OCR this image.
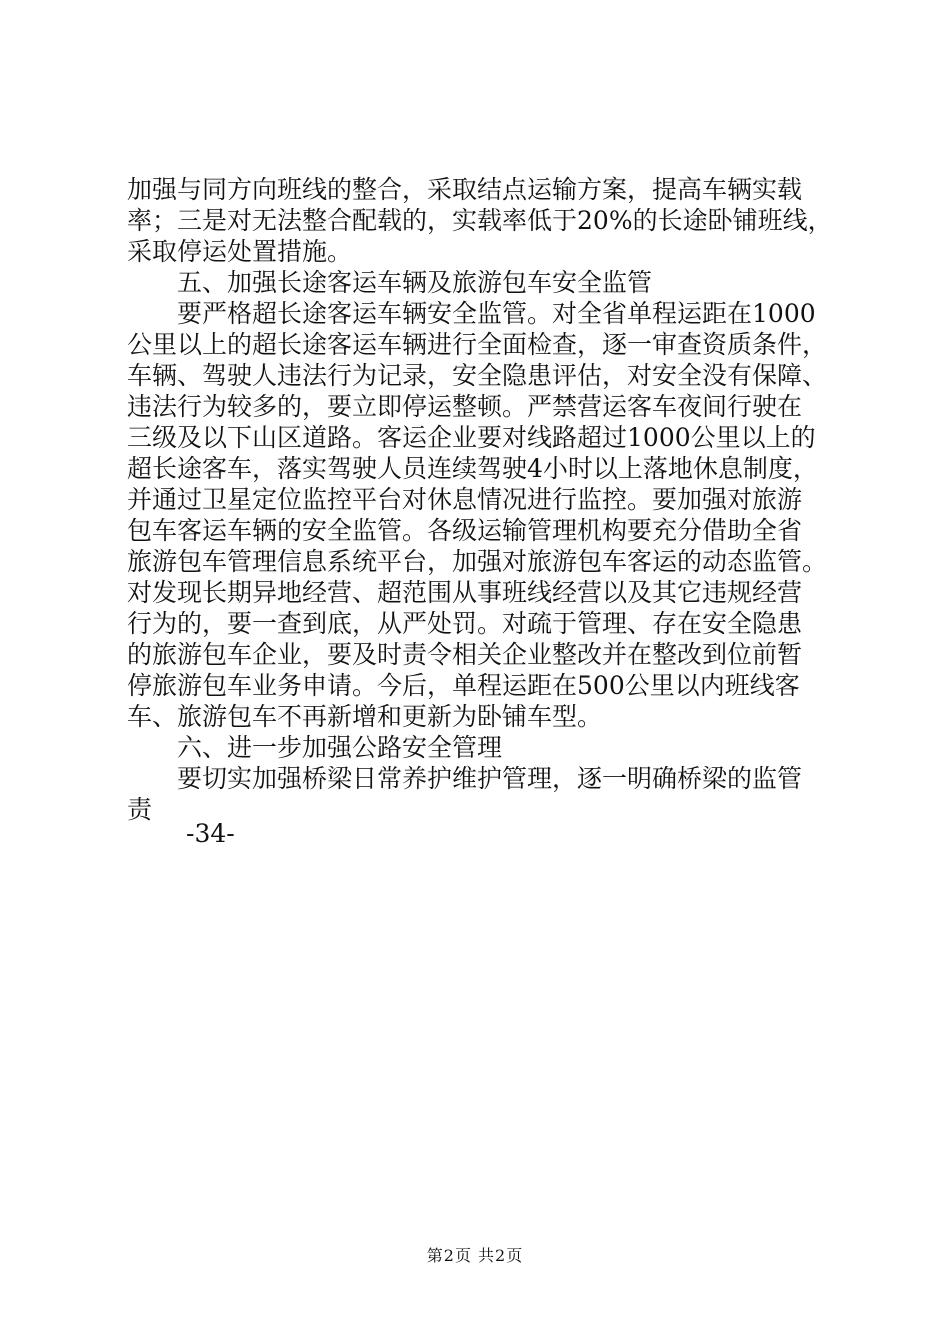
加强与同方向班线的整合，采取结点运输方案，提高车辆实载
率；三是对无法整合配载的，实载率低于20%的长途卧铺班线，
采取停运处置措施。
　　五、加强长途客运车辆及旅游包车安全监管
　　要严格超长途客运车辆安全监管。对全省单程运距在1000
公里以上的超长途客运车辆进行全面检查，逐一审查资质条件，
车辆、驾驶人违法行为记录，安全隐患评估，对安全没有保障、
违法行为较多的，要立即停运整顿。严禁营运客车夜间行驶在
三级及以下山区道路。客运企业要对线路超过1000公里以上的
超长途客车，落实驾驶人员连续驾驶4小时以上落地休息制度，
并通过卫星定位监控平台对休息情况进行监控。要加强对旅游
包车客运车辆的安全监管。各级运输管理机构要充分借助全省
旅游包车管理信息系统平台，加强对旅游包车客运的动态监管。
对发现长期异地经营、超范围从事班线经营以及其它违规经营
行为的，要一查到底，从严处罚。对疏于管理、存在安全隐患
的旅游包车企业，要及时责令相关企业整改并在整改到位前暂
停旅游包车业务申请。今后，单程运距在500公里以内班线客
车、旅游包车不再新增和更新为卧铺车型。
　　六、进一步加强公路安全管理
　　要切实加强桥梁日常养护维护管理，逐一明确桥梁的监管
责
-34-
第2页 共2页
